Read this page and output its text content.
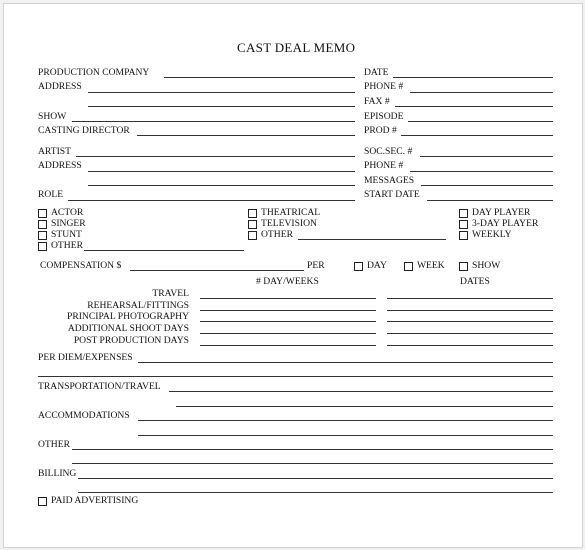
CAST DEAL MEMO
PRODUCTION COMPANY	DATE
ADDRESS	PHONE #
FAX #
SHOW	EPISODE
CASTING DIRECTOR	PROD #
ARTIST	SOC.SEC. #
ADDRESS	PHONE #
MESSAGES
ROLE	START DATE
ACTOR
SINGER
STUNT
OTHER
THEATRICAL
TELEVISION
OTHER
DAY PLAYER
3-DAY PLAYER
WEEKLY
COMPENSATION $	PER	DAY	WEEK	SHOW
# DAY/WEEKS	DATES
TRAVEL
REHEARSAL/FITTINGS
PRINCIPAL PHOTOGRAPHY
ADDITIONAL SHOOT DAYS
POST PRODUCTION DAYS
PER DIEM/EXPENSES
TRANSPORTATION/TRAVEL
ACCOMMODATIONS
OTHER
BILLING
PAID ADVERTISING
